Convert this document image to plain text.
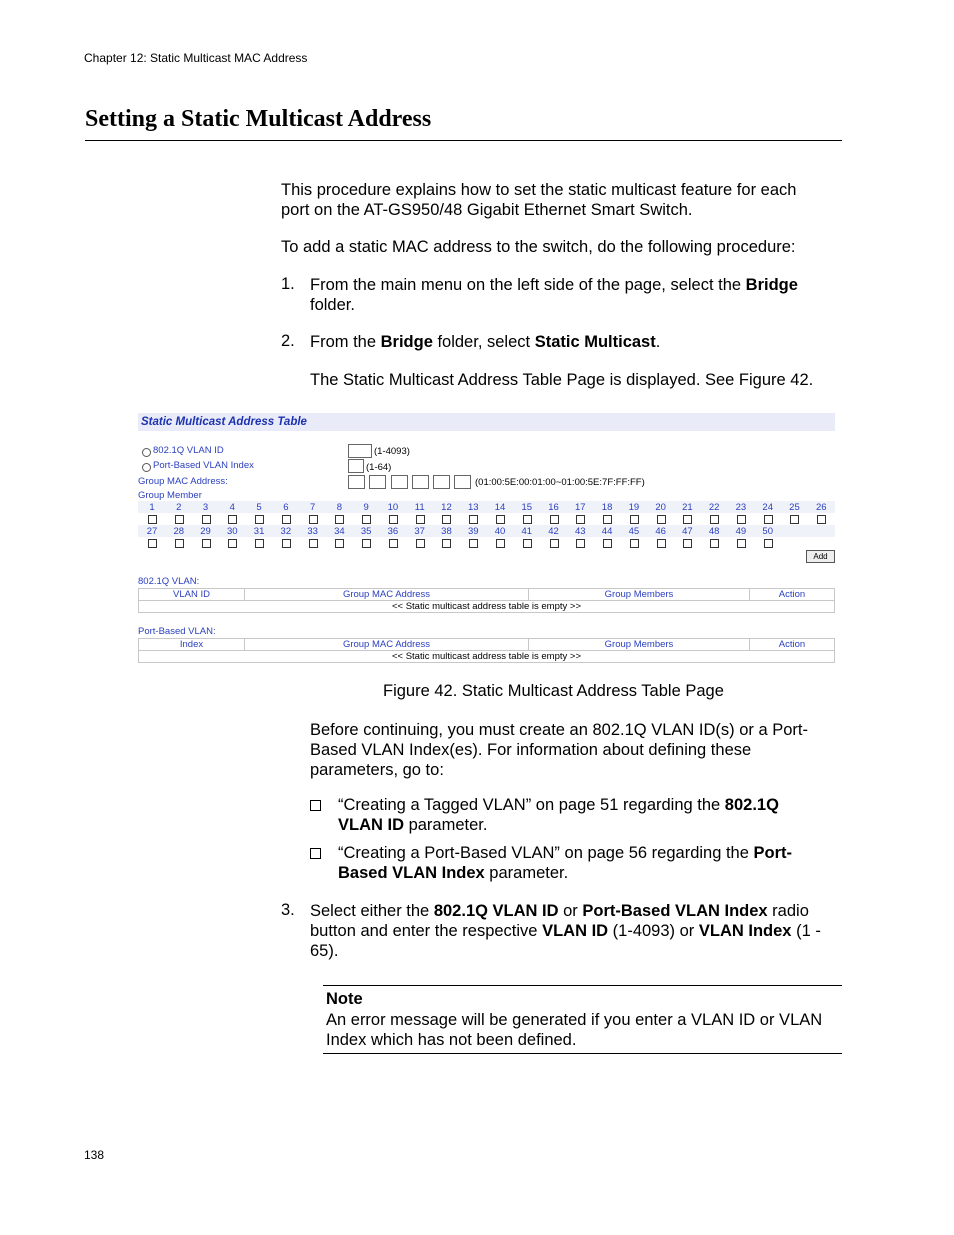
Chapter 12: Static Multicast MAC Address
Setting a Static Multicast Address
This procedure explains how to set the static multicast feature for each
port on the AT-GS950/48 Gigabit Ethernet Smart Switch.
To add a static MAC address to the switch, do the following procedure:
1. From the main menu on the left side of the page, select the Bridge
folder.
2. From the Bridge folder, select Static Multicast.
The Static Multicast Address Table Page is displayed. See Figure 42.
Static Multicast Address Table
802.1Q VLAN ID	(1-4093)
Port-Based VLAN Index	(1-64)
Group MAC Address:	(01:00:5E:00:01:00~01:00:5E:7F:FF:FF)
Group Member
Add
802.1Q VLAN:
VLAN ID	Group MAC Address	Group Members	Action
<< Static multicast address table is empty >>
Port-Based VLAN:
Index	Group MAC Address	Group Members	Action
<< Static multicast address table is empty >>
1	2	3	4	5	6	7	8	9	10	11	12	13	14	15	16	17	18	19	20	21	22	23	24	25	26
27	28	29	30	31	32	33	34	35	36	37	38	39	40	41	42	43	44	45	46	47	48	49	50
Figure 42. Static Multicast Address Table Page
Before continuing, you must create an 802.1Q VLAN ID(s) or a Port-
Based VLAN Index(es). For information about defining these
parameters, go to:
“Creating a Tagged VLAN” on page 51 regarding the 802.1Q
VLAN ID parameter.
“Creating a Port-Based VLAN” on page 56 regarding the Port-
Based VLAN Index parameter.
3. Select either the 802.1Q VLAN ID or Port-Based VLAN Index radio
button and enter the respective VLAN ID (1-4093) or VLAN Index (1 -
65).
Note
An error message will be generated if you enter a VLAN ID or VLAN
Index which has not been defined.
138
